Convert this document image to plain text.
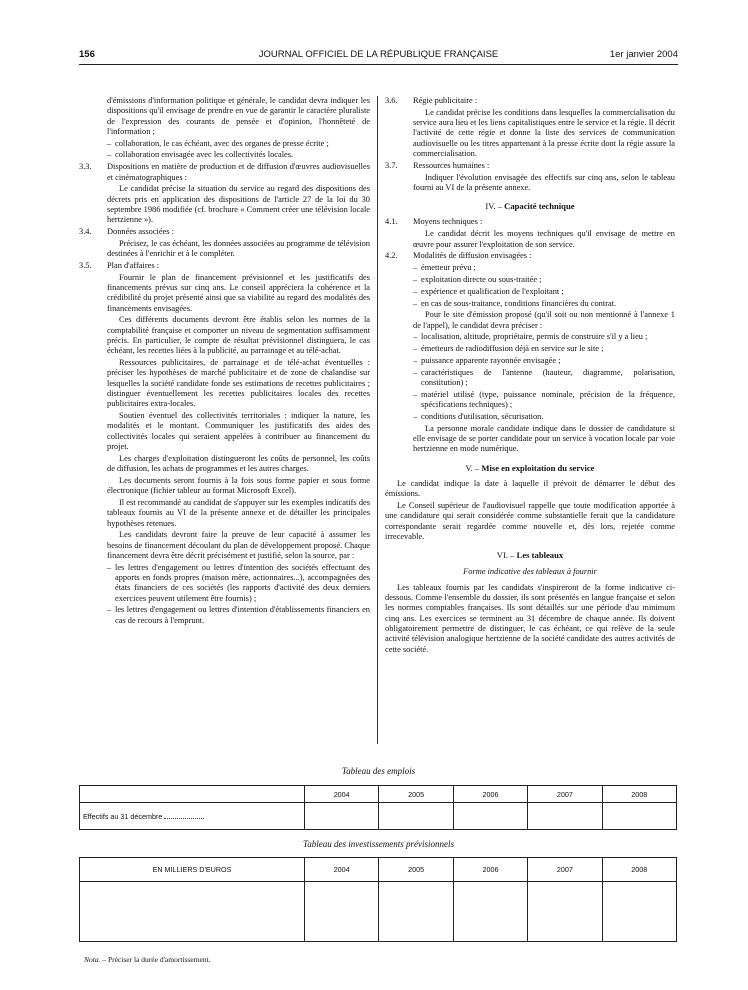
156	JOURNAL OFFICIEL DE LA RÉPUBLIQUE FRANÇAISE	1er janvier 2004

d'émissions d'information politique et générale, le candidat devra indiquer les dispositions qu'il envisage de prendre en vue de garantir le caractère pluraliste de l'expression des courants de pensée et d'opinion, l'honnêteté de l'information ;

– collaboration, le cas échéant, avec des organes de presse écrite ;

– collaboration envisagée avec les collectivités locales.

3.3. Dispositions en matière de production et de diffusion d'œuvres audiovisuelles et cinématographiques :

Le candidat précise la situation du service au regard des dispositions des décrets pris en application des dispositions de l'article 27 de la loi du 30 septembre 1986 modifiée (cf. brochure « Comment créer une télévision locale hertzienne »).

3.4. Données associées :

Précisez, le cas échéant, les données associées au programme de télévision destinées à l'enrichir et à le compléter.

3.5. Plan d'affaires :

Fournir le plan de financement prévisionnel et les justificatifs des financements prévus sur cinq ans. Le conseil appréciera la cohérence et la crédibilité du projet présenté ainsi que sa viabilité au regard des modalités des financements envisagées.

Ces différents documents devront être établis selon les normes de la comptabilité française et comporter un niveau de segmentation suffisamment précis. En particulier, le compte de résultat prévisionnel distinguera, le cas échéant, les recettes liées à la publicité, au parrainage et au télé-achat.

Ressources publicitaires, de parrainage et de télé-achat éventuelles : préciser les hypothèses de marché publicitaire et de zone de chalandise sur lesquelles la société candidate fonde ses estimations de recettes publicitaires ; distinguer éventuellement les recettes publicitaires locales des recettes publicitaires extra-locales.

Soutien éventuel des collectivités territoriales : indiquer la nature, les modalités et le montant. Communiquer les justificatifs des aides des collectivités locales qui seraient appelées à contribuer au financement du projet.

Les charges d'exploitation distingueront les coûts de personnel, les coûts de diffusion, les achats de programmes et les autres charges.

Les documents seront fournis à la fois sous forme papier et sous forme électronique (fichier tableur au format Microsoft Excel).

Il est recommandé au candidat de s'appuyer sur les exemples indicatifs des tableaux fournis au VI de la présente annexe et de détailler les principales hypothèses retenues.

Les candidats devront faire la preuve de leur capacité à assumer les besoins de financement découlant du plan de développement proposé. Chaque financement devra être décrit précisément et justifié, selon la source, par :

– les lettres d'engagement ou lettres d'intention des sociétés effectuant des apports en fonds propres (maison mère, actionnaires...), accompagnées des états financiers de ces sociétés (les rapports d'activité des deux derniers exercices peuvent utilement être fournis) ;

– les lettres d'engagement ou lettres d'intention d'établissements financiers en cas de recours à l'emprunt.

3.6. Régie publicitaire :

Le candidat précise les conditions dans lesquelles la commercialisation du service aura lieu et les liens capitalistiques entre le service et la régie. Il décrit l'activité de cette régie et donne la liste des services de communication audiovisuelle ou les titres appartenant à la presse écrite dont la régie assure la commercialisation.

3.7. Ressources humaines :

Indiquer l'évolution envisagée des effectifs sur cinq ans, selon le tableau fourni au VI de la présente annexe.

IV. – Capacité technique

4.1. Moyens techniques :

Le candidat décrit les moyens techniques qu'il envisage de mettre en œuvre pour assurer l'exploitation de son service.

4.2. Modalités de diffusion envisagées :

– émetteur prévu ;

– exploitation directe ou sous-traitée ;

– expérience et qualification de l'exploitant ;

– en cas de sous-traitance, conditions financières du contrat.

Pour le site d'émission proposé (qu'il soit ou non mentionné à l'annexe 1 de l'appel), le candidat devra préciser :

– localisation, altitude, propriétaire, permis de construire s'il y a lieu ;

– émetteurs de radiodiffusion déjà en service sur le site ;

– puissance apparente rayonnée envisagée ;

– caractéristiques de l'antenne (hauteur, diagramme, polarisation, constitution) ;

– matériel utilisé (type, puissance nominale, précision de la fréquence, spécifications techniques) ;

– conditions d'utilisation, sécurisation.

La personne morale candidate indique dans le dossier de candidature si elle envisage de se porter candidate pour un service à vocation locale par voie hertzienne en mode numérique.

V. – Mise en exploitation du service

Le candidat indique la date à laquelle il prévoit de démarrer le début des émissions.

Le Conseil supérieur de l'audiovisuel rappelle que toute modification apportée à une candidature qui serait considérée comme substantielle ferait que la candidature correspondante serait regardée comme nouvelle et, dès lors, rejetée comme irrecevable.

VI. – Les tableaux

Forme indicative des tableaux à fournir

Les tableaux fournis par les candidats s'inspireront de la forme indicative ci-dessous. Comme l'ensemble du dossier, ils sont présentés en langue française et selon les normes comptables françaises. Ils sont détaillés sur une période d'au minimum cinq ans. Les exercices se terminent au 31 décembre de chaque année. Ils doivent obligatoirement permettre de distinguer, le cas échéant, ce qui relève de la seule activité télévision analogique hertzienne de la société candidate des autres activités de cette société.

Tableau des emplois
	2004	2005	2006	2007	2008
Effectifs au 31 décembre					
Tableau des investissements prévisionnels
EN MILLIERS D'EUROS	2004	2005	2006	2007	2008

Nota. – Préciser la durée d'amortissement.
